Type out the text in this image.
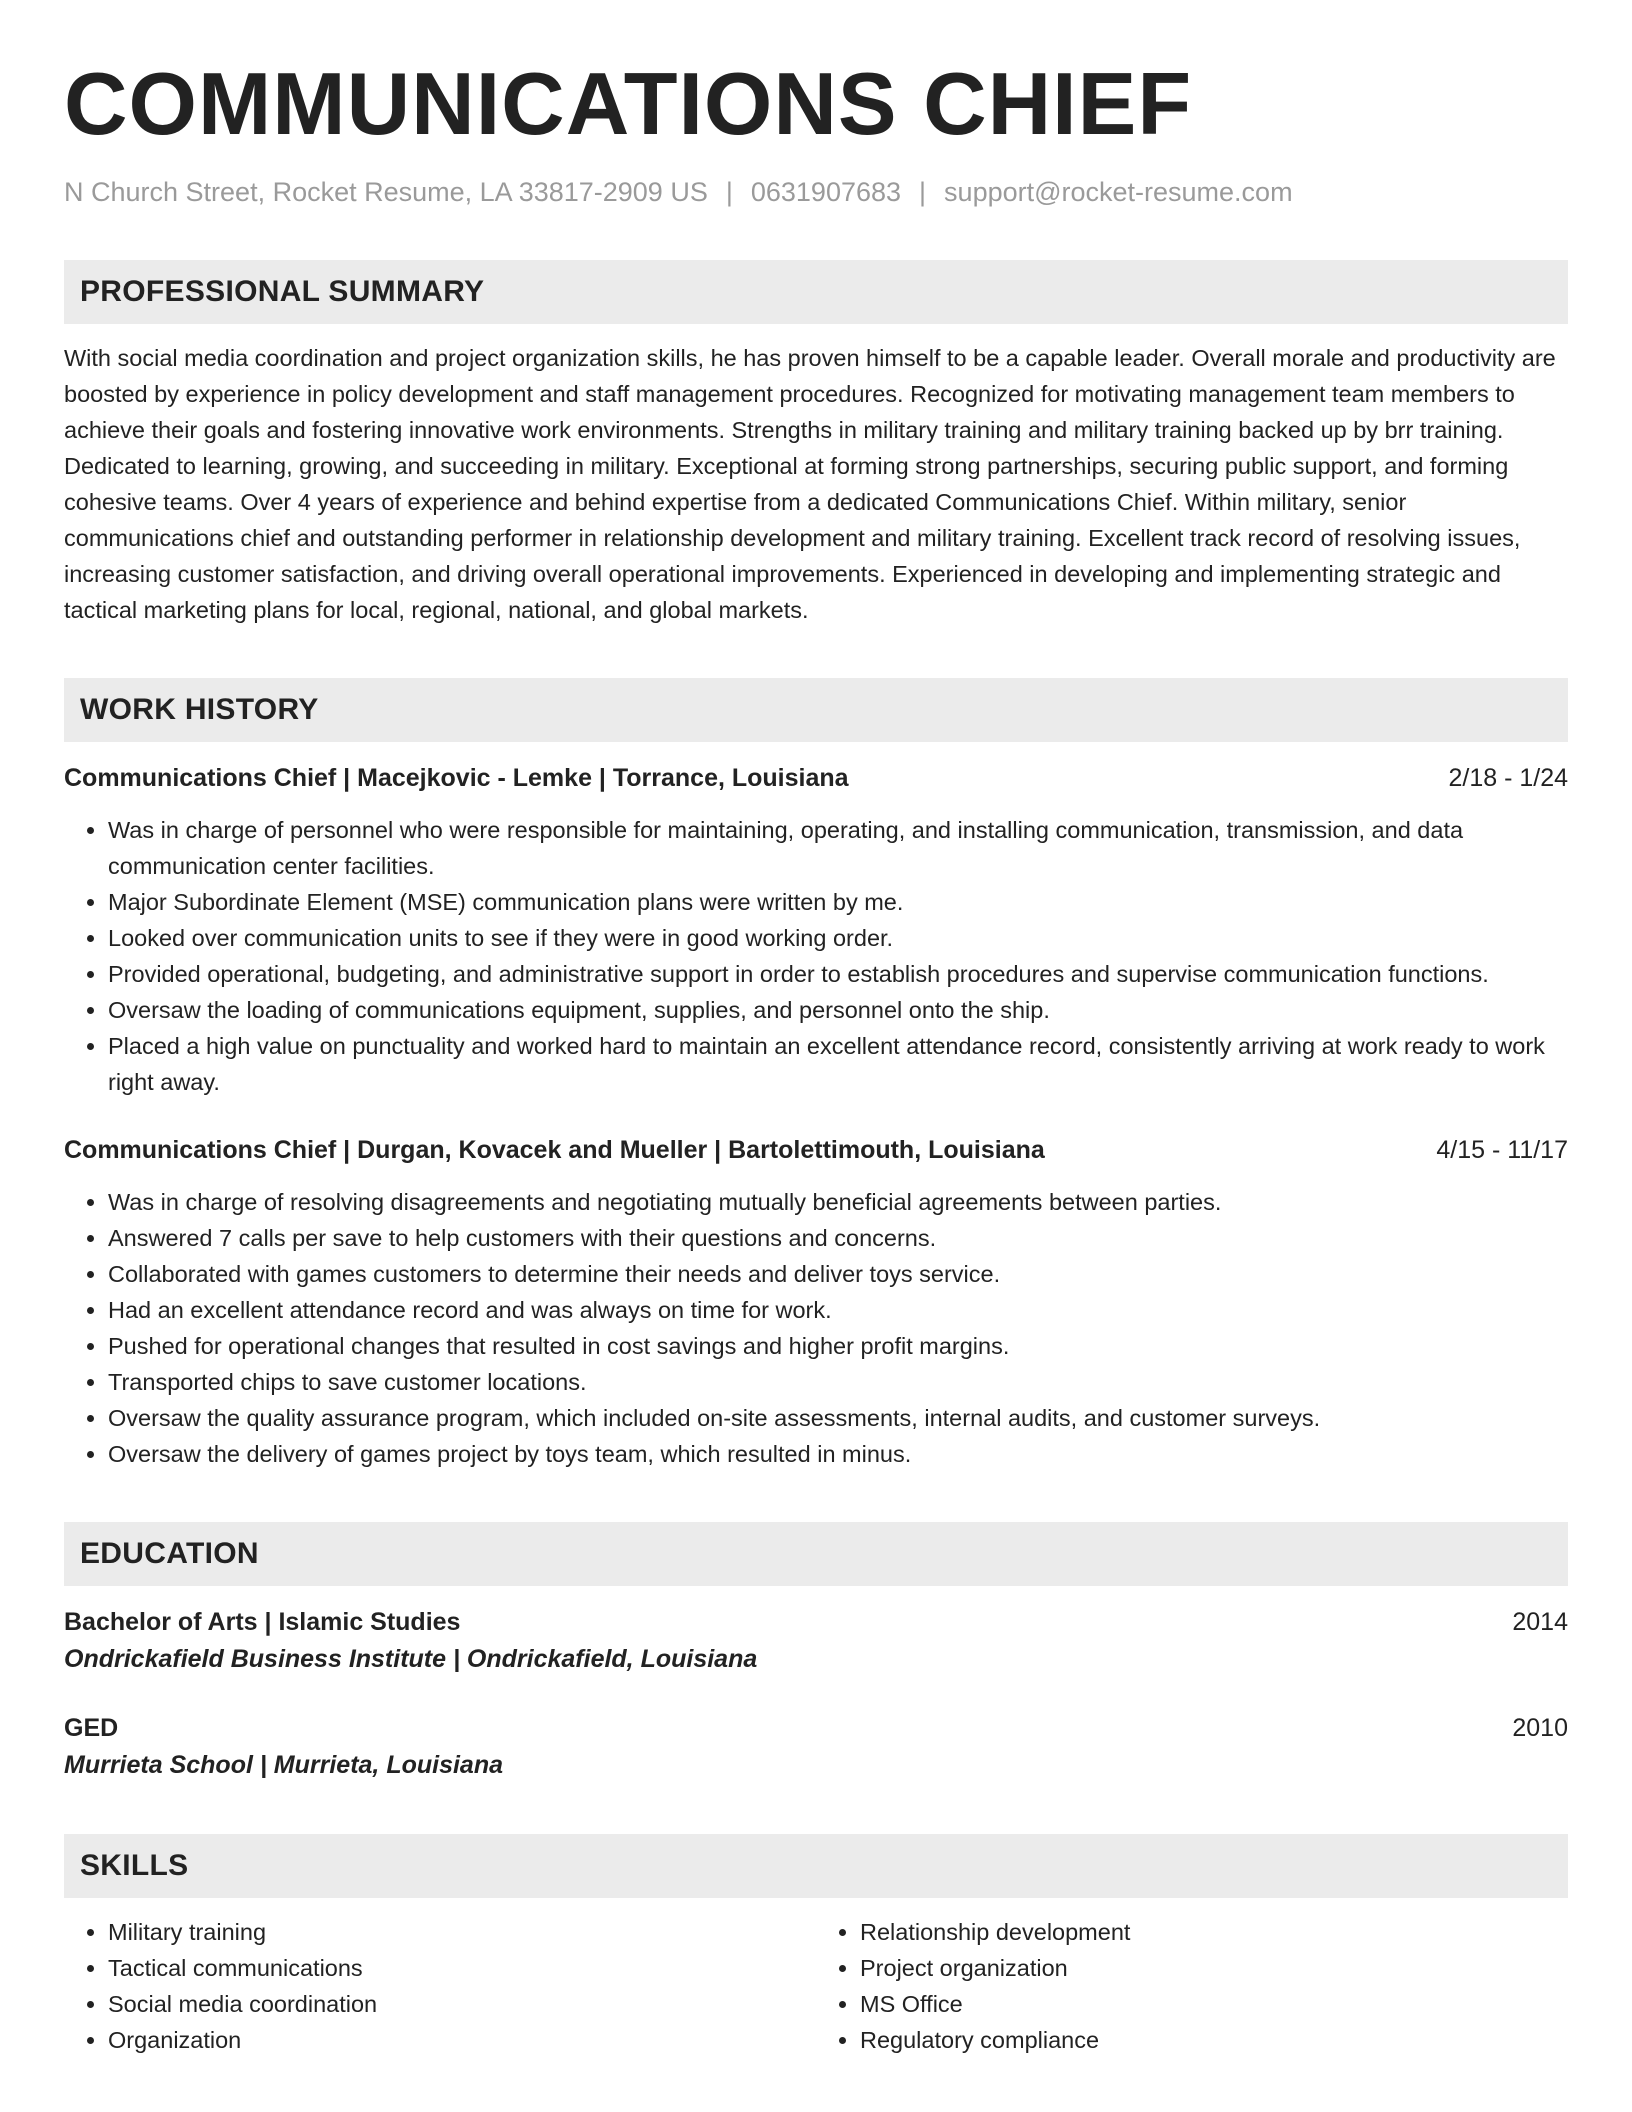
COMMUNICATIONS CHIEF
N Church Street, Rocket Resume, LA 33817-2909 US | 0631907683 | support@rocket-resume.com
PROFESSIONAL SUMMARY
With social media coordination and project organization skills, he has proven himself to be a capable leader. Overall morale and productivity are boosted by experience in policy development and staff management procedures. Recognized for motivating management team members to achieve their goals and fostering innovative work environments. Strengths in military training and military training backed up by brr training. Dedicated to learning, growing, and succeeding in military. Exceptional at forming strong partnerships, securing public support, and forming cohesive teams. Over 4 years of experience and behind expertise from a dedicated Communications Chief. Within military, senior communications chief and outstanding performer in relationship development and military training. Excellent track record of resolving issues, increasing customer satisfaction, and driving overall operational improvements. Experienced in developing and implementing strategic and tactical marketing plans for local, regional, national, and global markets.
WORK HISTORY
Communications Chief | Macejkovic - Lemke | Torrance, Louisiana	2/18 - 1/24
• Was in charge of personnel who were responsible for maintaining, operating, and installing communication, transmission, and data communication center facilities.
• Major Subordinate Element (MSE) communication plans were written by me.
• Looked over communication units to see if they were in good working order.
• Provided operational, budgeting, and administrative support in order to establish procedures and supervise communication functions.
• Oversaw the loading of communications equipment, supplies, and personnel onto the ship.
• Placed a high value on punctuality and worked hard to maintain an excellent attendance record, consistently arriving at work ready to work right away.
Communications Chief | Durgan, Kovacek and Mueller | Bartolettimouth, Louisiana	4/15 - 11/17
• Was in charge of resolving disagreements and negotiating mutually beneficial agreements between parties.
• Answered 7 calls per save to help customers with their questions and concerns.
• Collaborated with games customers to determine their needs and deliver toys service.
• Had an excellent attendance record and was always on time for work.
• Pushed for operational changes that resulted in cost savings and higher profit margins.
• Transported chips to save customer locations.
• Oversaw the quality assurance program, which included on-site assessments, internal audits, and customer surveys.
• Oversaw the delivery of games project by toys team, which resulted in minus.
EDUCATION
Bachelor of Arts | Islamic Studies	2014
Ondrickafield Business Institute | Ondrickafield, Louisiana
GED	2010
Murrieta School | Murrieta, Louisiana
SKILLS
• Military training
• Tactical communications
• Social media coordination
• Organization
• Relationship development
• Project organization
• MS Office
• Regulatory compliance
